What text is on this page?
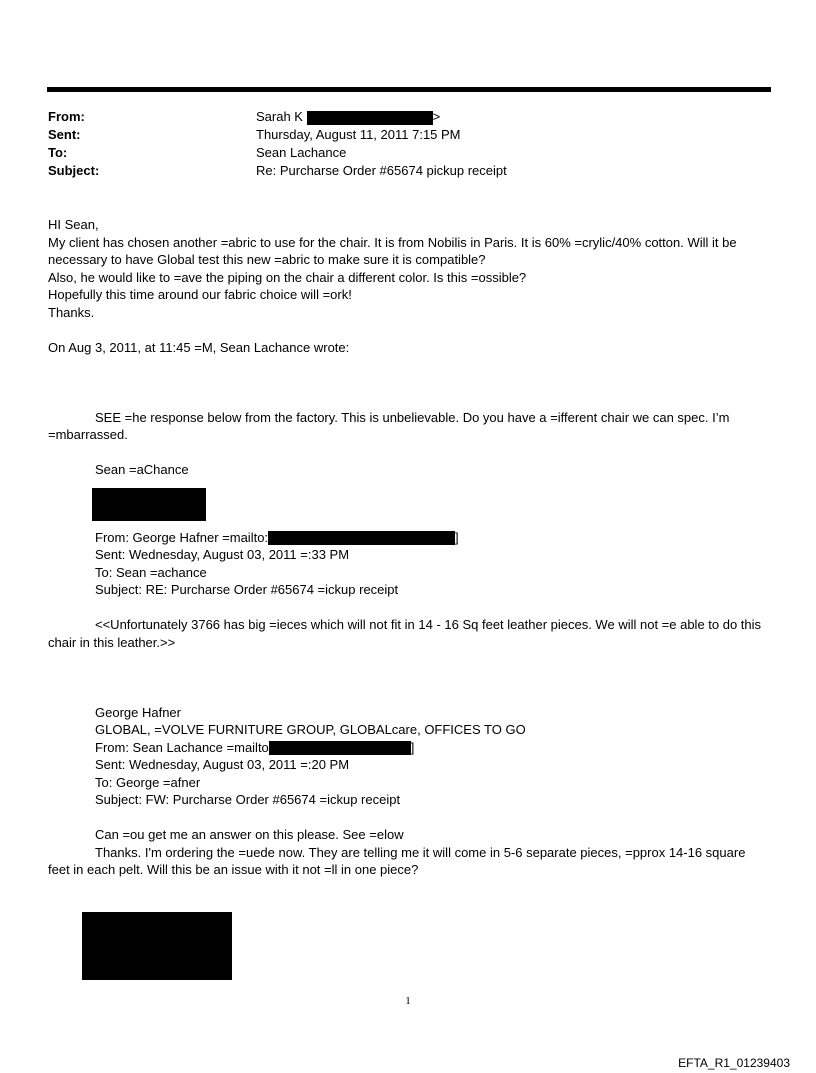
From:	Sarah K	>
Sent:	Thursday, August 11, 2011 7:15 PM
To:	Sean Lachance
Subject:	Re: Purcharse Order #65674 pickup receipt

HI Sean,

My client has chosen another =abric to use for the chair. It is from Nobilis in Paris. It is 60% =crylic/40% cotton. Will it be necessary to have Global test this new =abric to make sure it is compatible?

Also, he would like to =ave the piping on the chair a different color. Is this =ossible?

Hopefully this time around our fabric choice will =ork!

Thanks.

On Aug 3, 2011, at 11:45 =M, Sean Lachance wrote:

SEE =he response below from the factory. This is unbelievable. Do you have a =ifferent chair we can spec. I’m =mbarrassed.

Sean =aChance

From: George Hafner =mailto:	]

Sent: Wednesday, August 03, 2011 =:33 PM

To: Sean =achance

Subject: RE: Purcharse Order #65674 =ickup receipt

<<Unfortunately 3766 has big =ieces which will not fit in 14 - 16 Sq feet leather pieces. We will not =e able to do this chair in this leather.>>

George Hafner

GLOBAL, =VOLVE FURNITURE GROUP, GLOBALcare, OFFICES TO GO

From: Sean Lachance =mailto	]

Sent: Wednesday, August 03, 2011 =:20 PM

To: George =afner

Subject: FW: Purcharse Order #65674 =ickup receipt

Can =ou get me an answer on this please. See =elow

Thanks. I'm ordering the =uede now. They are telling me it will come in 5-6 separate pieces, =pprox 14-16 square feet in each pelt. Will this be an issue with it not =ll in one piece?

1
EFTA_R1_01239403
